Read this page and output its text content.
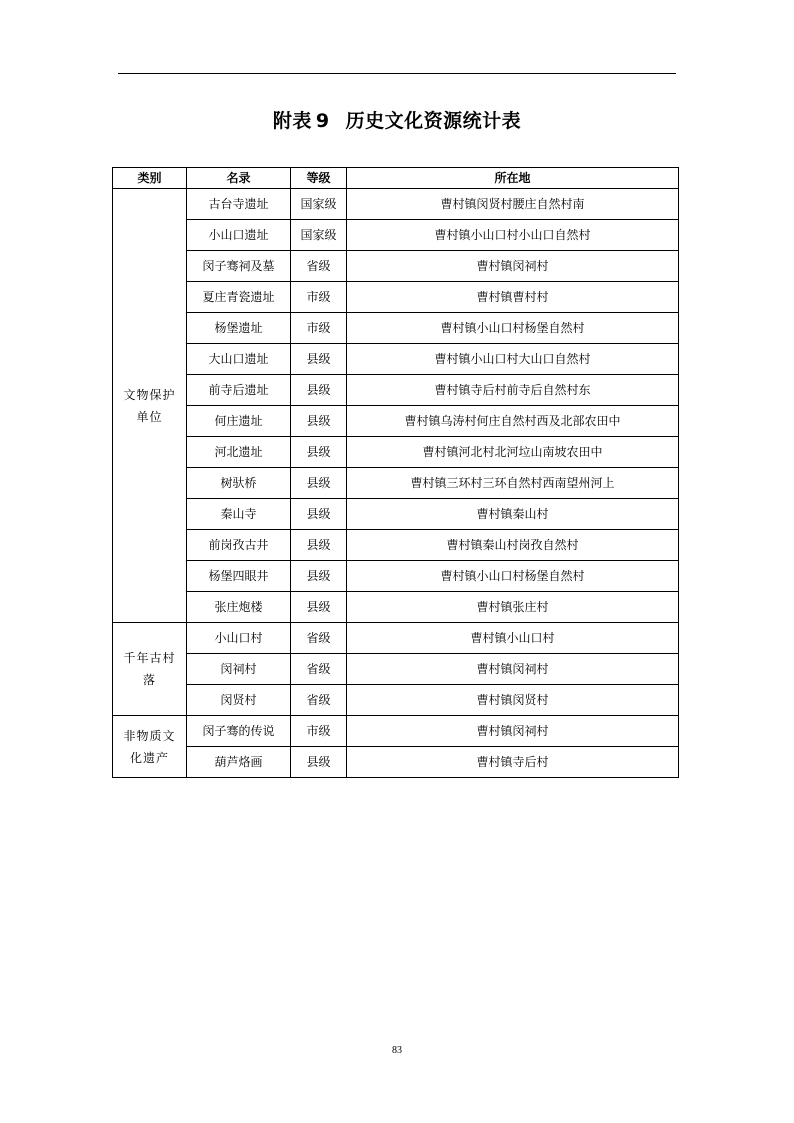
附表 9 历史文化资源统计表
类别	名录	等级	所在地

文物保护
单位	古台寺遗址	国家级	曹村镇闵贤村腰庄自然村南
	小山口遗址	国家级	曹村镇小山口村小山口自然村
	闵子骞祠及墓	省级	曹村镇闵祠村
	夏庄青瓷遗址	市级	曹村镇曹村村
	杨堡遗址	市级	曹村镇小山口村杨堡自然村
	大山口遗址	县级	曹村镇小山口村大山口自然村
	前寺后遗址	县级	曹村镇寺后村前寺后自然村东
	何庄遗址	县级	曹村镇乌涛村何庄自然村西及北部农田中
	河北遗址	县级	曹村镇河北村北河垃山南坡农田中
	树驮桥	县级	曹村镇三环村三环自然村西南望州河上
	秦山寺	县级	曹村镇秦山村
	前岗孜古井	县级	曹村镇秦山村岗孜自然村
	杨堡四眼井	县级	曹村镇小山口村杨堡自然村
	张庄炮楼	县级	曹村镇张庄村

千年古村
落	小山口村	省级	曹村镇小山口村
	闵祠村	省级	曹村镇闵祠村
	闵贤村	省级	曹村镇闵贤村

非物质文
化遗产	闵子骞的传说	市级	曹村镇闵祠村
	葫芦烙画	县级	曹村镇寺后村
83
